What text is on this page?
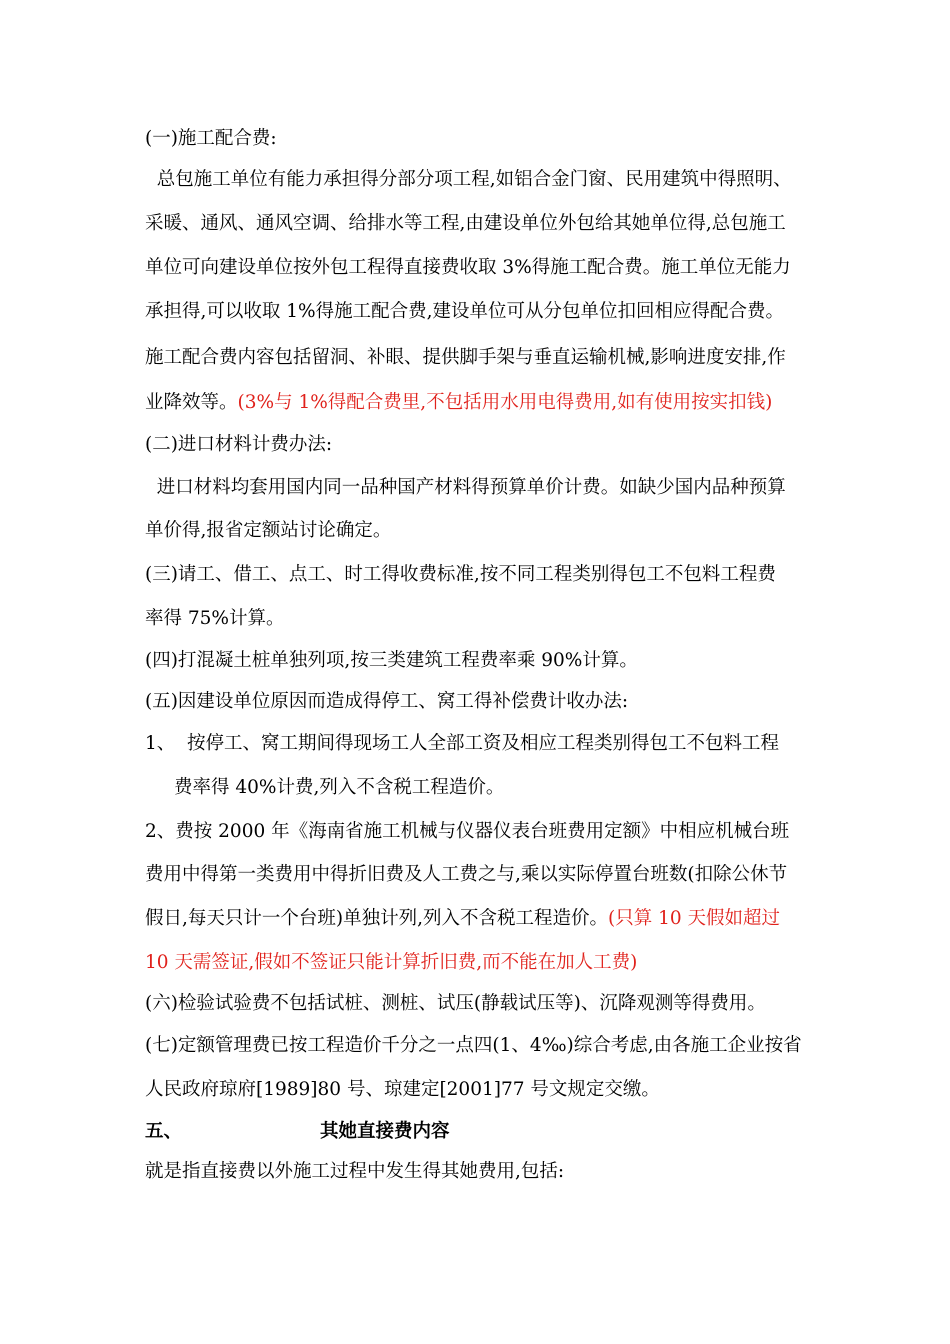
(一)施工配合费:
总包施工单位有能力承担得分部分项工程,如铝合金门窗、民用建筑中得照明、
采暖、通风、通风空调、给排水等工程,由建设单位外包给其她单位得,总包施工
单位可向建设单位按外包工程得直接费收取 3%得施工配合费。施工单位无能力
承担得,可以收取 1%得施工配合费,建设单位可从分包单位扣回相应得配合费。
施工配合费内容包括留洞、补眼、提供脚手架与垂直运输机械,影响进度安排,作
业降效等。(3%与 1%得配合费里,不包括用水用电得费用,如有使用按实扣钱)
(二)进口材料计费办法:
进口材料均套用国内同一品种国产材料得预算单价计费。如缺少国内品种预算
单价得,报省定额站讨论确定。
(三)请工、借工、点工、时工得收费标准,按不同工程类别得包工不包料工程费
率得 75%计算。
(四)打混凝土桩单独列项,按三类建筑工程费率乘 90%计算。
(五)因建设单位原因而造成得停工、窝工得补偿费计收办法:
1、  按停工、窝工期间得现场工人全部工资及相应工程类别得包工不包料工程
费率得 40%计费,列入不含税工程造价。
2、费按 2000 年《海南省施工机械与仪器仪表台班费用定额》中相应机械台班
费用中得第一类费用中得折旧费及人工费之与,乘以实际停置台班数(扣除公休节
假日,每天只计一个台班)单独计列,列入不含税工程造价。(只算 10 天假如超过
10 天需签证,假如不签证只能计算折旧费,而不能在加人工费)
(六)检验试验费不包括试桩、测桩、试压(静载试压等)、沉降观测等得费用。
(七)定额管理费已按工程造价千分之一点四(1、4‰)综合考虑,由各施工企业按省
人民政府琼府[1989]80 号、琼建定[2001]77 号文规定交缴。
五、	其她直接费内容
就是指直接费以外施工过程中发生得其她费用,包括:
